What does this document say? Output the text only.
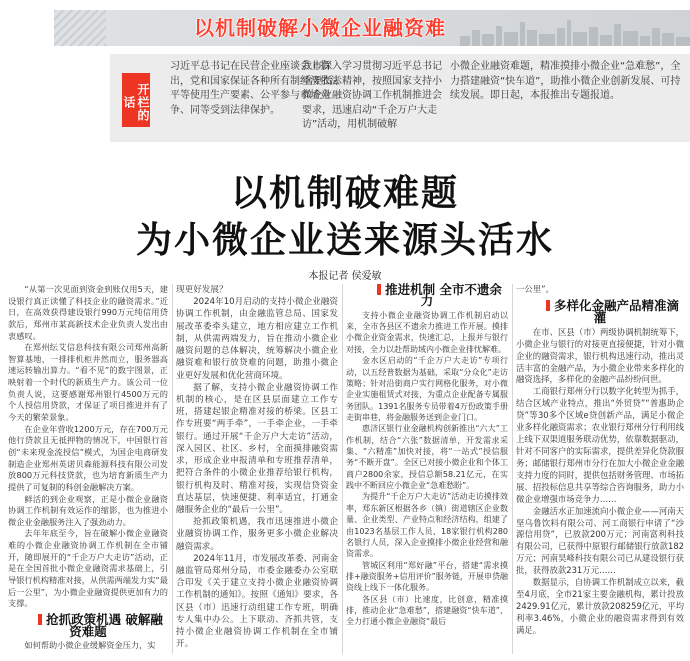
以机制破解小微企业融资难
开栏的话
习近平总书记在民营企业座谈会上指出，党和国家保证各种所有制经济依法平等使用生产要素、公平参与市场竞争、同等受到法律保护。
我市深入学习贯彻习近平总书记重要指示精神，按照国家支持小微企业融资协调工作机制推进会要求，迅速启动“千企万户大走访”活动，用机制破解
小微企业融资难题，精准摸排小微企业“急难愁”，全力搭建融资“快车道”，助推小微企业创新发展、可持续发展。即日起，本报推出专题报道。
以机制破难题
为小微企业送来源头活水
本报记者 侯爱敏

“从第一次见面到资金到账仅用5天，建设银行真正读懂了科技企业的融资需求。”近日，在高效获得建设银行990万元纯信用贷款后，郑州市某高新技术企业负责人发出由衷感叹。

在郑州纭艾信息科技有限公司郑州高新智算基地，一排排机柜井然而立，服务器高速运转输出算力。“看不见”的数字图景，正映射着一个时代的新质生产力。该公司一位负责人说，这要感谢郑州银行4500万元的个人授信用贷款，才保证了项目推进并有了今天的繁荣景象。

在企业年营收1200万元，存在700万元他行贷款且无抵押物的情况下，中国银行首创“未来现金流授信”模式，为国企电商研发制造企业郑州英诺贝森能源科技有限公司发放800万元科技贷款，也为培育新质生产力提供了可复制的科创金融解决方案。

鲜活的到企业观察，正是小微企业融资协调工作机制有效运作的缩影，也为推进小微企业金融服务注入了强劲动力。

去年年底至今，旨在破解小微企业融资难的小微企业融资协调工作机制在全市铺开，随即展开的“千企万户大走访”活动，正是在全国首批小微企业融资需求基础上，引导银行机构精准对接，从供需两端发力实“最后一公里”，为小微企业融资提供更加有力的支撑。

抢抓政策机遇 破解融资难题

如何帮助小微企业缓解资金压力，实

现更好发展？

2024年10月启动的支持小微企业融资协调工作机制，由金融监管总局、国家发展改革委牵头建立，地方相应建立工作机制，从供需两端发力，旨在推动小微企业融资问题的总体解决，统筹解决小微企业融资难和银行放贷难的问题，助推小微企业更好发展和优化营商环境。

据了解，支持小微企业融资协调工作机制的核心，是在区县层面建立工作专班，搭建起银企精准对接的桥梁。区县工作专班要“两手牵”，一手牵企业，一手牵银行。通过开展“千企万户大走访”活动，深入园区、社区、乡村，全面摸排融资需求，形成企业申报清单和专班推荐清单，把符合条件的小微企业推荐给银行机构，银行机构及时、精准对接，实现信贷资金直达基层，快速便捷、利率适宜，打通金融服务企业的“最后一公里”。

抢抓政策机遇，我市迅速推进小微企业融资协调工作，服务更多小微企业解决融资需求。

2024年11月，市发展改革委、河南金融监管局郑州分局，市委金融委办公室联合印发《关于建立支持小微企业融资协调工作机制的通知》。按照《通知》要求，各区县（市）迅速行动组建工作专班，明确专人集中办公。上下联动、齐抓共管，支持小微企业融资协调工作机制在全市铺开。

推进机制 全市不遗余力

支持小微企业融资协调工作机制启动以来，全市各县区不遗余力推进工作开展。摸排小微企业资金需求，快速汇总，上报并与银行对接，全力以赴帮助域内小微企业排忧解难。

金水区启动的“千企万户大走访”专项行动，以五经普数据为基础，采取“分众化”走访策略；针对沿街商户实行网格化服务，对小微企业实施租赁式对接，为重点企业配备专属服务团队。1391名服务专员带着4万份政策手册走街串巷，将金融服务送到企业门口。

惠济区银行业金融机构创新推出“六大”工作机制，结合“六张”数据清单，开发需求采集、“六精准”加快对接，将“一站式”授信服务“不断开盘”。全区已对接小微企业和个体工商户2800余家，授信总额58.21亿元，在实践中不断回应小微企业“急难愁盼”。

为提升“千企万户大走访”活动走访摸排效率，郑东新区根据各乡（镇）街道辖区企业数量、企业类型、产业特点和经济结构，组建了由1023名基层工作人员、18家银行机构280名银行人员，深入企业摸排小微企业经营和融资需求。

管城区利用“郑好融”平台，搭建“需求摸排+融资服务+信用评价”服务链，开展申贷融资线上线下一体化服务。

各区县（市）比速度，比创意，精准摸排，推动企业“急难愁”，搭建融资“快车道”，全力打通小微企业融资“最后

一公里”。

多样化金融产品精准滴灌

在市、区县（市）两级协调机制统筹下，小微企业与银行的对接更直接便捷，针对小微企业的融资需求，银行机构迅速行动，推出灵活丰富的金融产品，为小微企业带来多样化的融资选择，多样化的金融产品纷纷问世。

工商银行郑州分行以数字化转型为抓手，结合区域产业特点，推出“外贸贷”“普惠助企贷”等30多个区域e贷创新产品，满足小微企业多样化融资需求；农业银行郑州分行利用线上线下双渠道服务联动优势，依靠数据驱动，针对不同客户的实际需求，提供差异化贷款服务；邮储银行郑州市分行在加大小微企业金融支持力度的同时，提供包括财务管理、市场拓展、招投标信息共享等综合咨询服务，助力小微企业增强市场竞争力……

金融活水正加速流向小微企业——河南天坚乌鲁饮料有限公司、河工商银行申请了“沙源信用贷”，已放款200万元；河南富利科技有限公司，已获得中原银行邮储银行放款182万元；河南昊峰科技有限公司已从建设银行获批，获得放款231万元……

数据显示，自协调工作机制成立以来，截至4月底，全市21家主要金融机构，累计投放2429.91亿元，累计放款208259亿元，平均利率3.46%，小微企业的融资需求得到有效满足。
